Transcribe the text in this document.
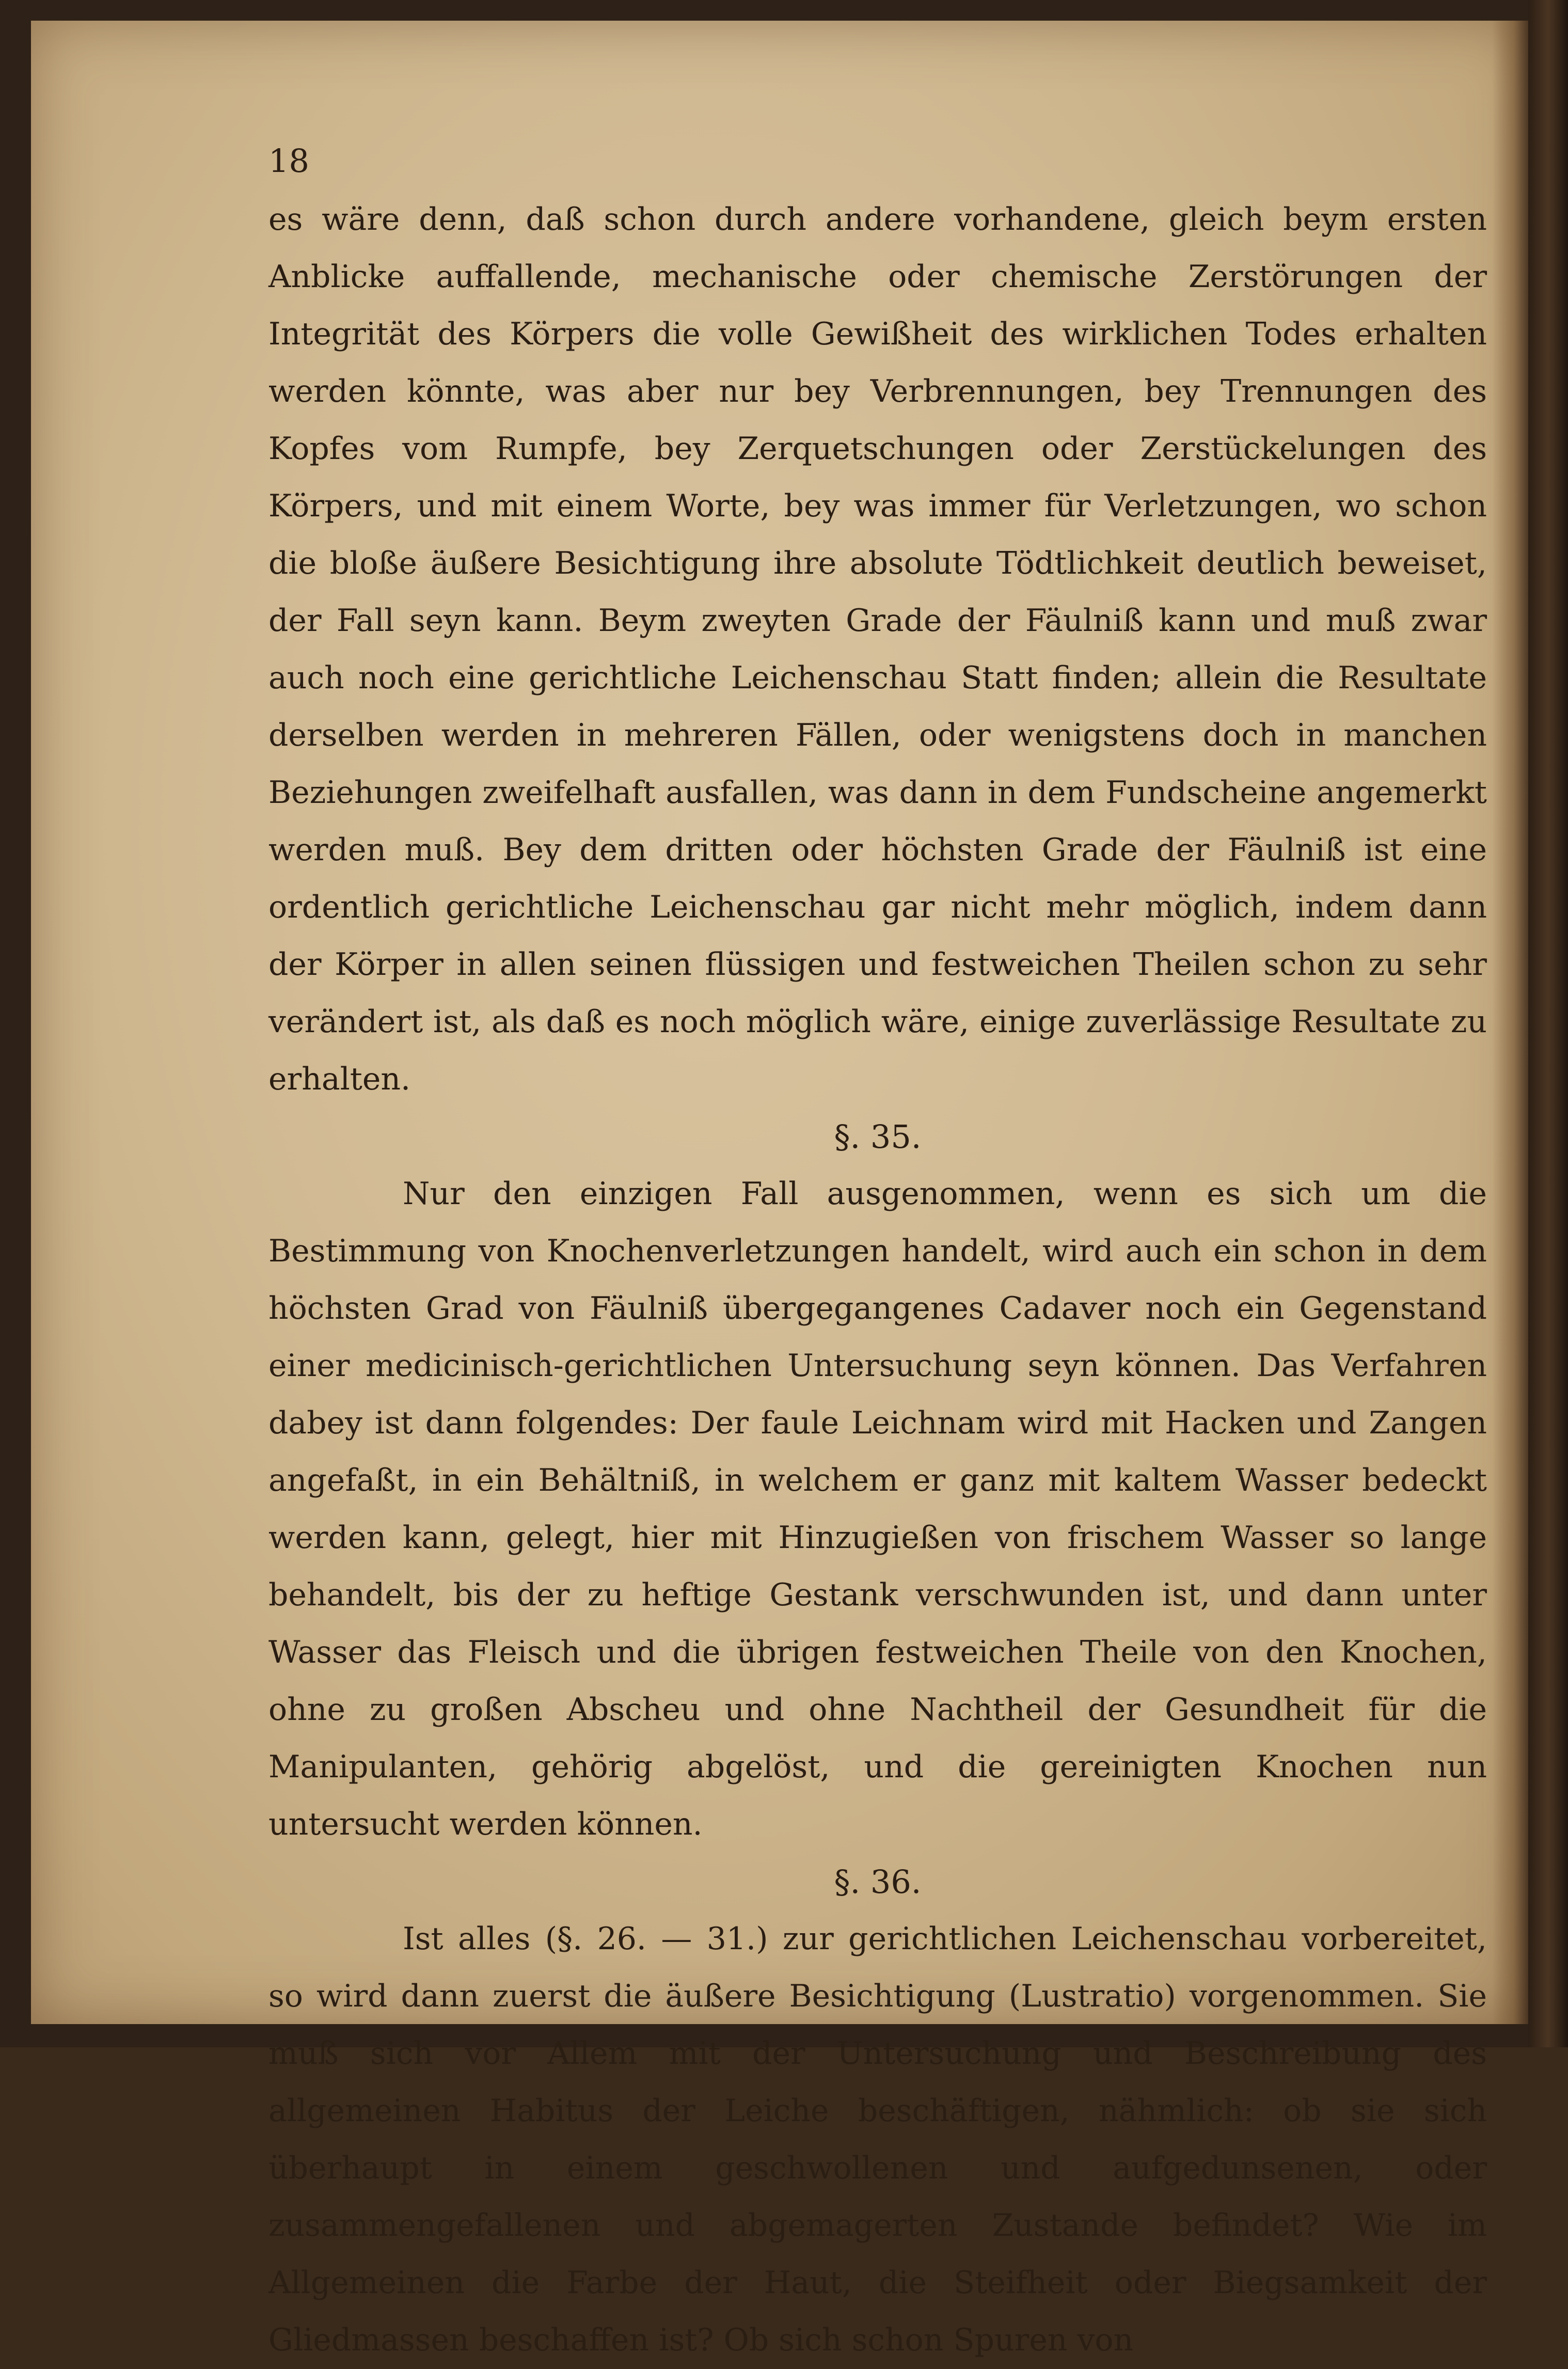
18

es wäre denn, daß schon durch andere vorhandene, gleich beym ersten Anblicke auffallende, mechanische oder chemische Zerstörungen der Integrität des Körpers die volle Gewißheit des wirklichen Todes erhalten werden könnte, was aber nur bey Verbrennungen, bey Trennungen des Kopfes vom Rumpfe, bey Zerquetschungen oder Zerstückelungen des Körpers, und mit einem Worte, bey was immer für Verletzungen, wo schon die bloße äußere Besichtigung ihre absolute Tödtlichkeit deutlich beweiset, der Fall seyn kann. Beym zweyten Grade der Fäulniß kann und muß zwar auch noch eine gerichtliche Leichenschau Statt finden; allein die Resultate derselben werden in mehreren Fällen, oder wenigstens doch in manchen Beziehungen zweifelhaft ausfallen, was dann in dem Fundscheine angemerkt werden muß. Bey dem dritten oder höchsten Grade der Fäulniß ist eine ordentlich gerichtliche Leichenschau gar nicht mehr möglich, indem dann der Körper in allen seinen flüssigen und festweichen Theilen schon zu sehr verändert ist, als daß es noch möglich wäre, einige zuverlässige Resultate zu erhalten.

§. 35.

Nur den einzigen Fall ausgenommen, wenn es sich um die Bestimmung von Knochenverletzungen handelt, wird auch ein schon in dem höchsten Grad von Fäulniß übergegangenes Cadaver noch ein Gegenstand einer medicinisch-gerichtlichen Untersuchung seyn können. Das Verfahren dabey ist dann folgendes: Der faule Leichnam wird mit Hacken und Zangen angefaßt, in ein Behältniß, in welchem er ganz mit kaltem Wasser bedeckt werden kann, gelegt, hier mit Hinzugießen von frischem Wasser so lange behandelt, bis der zu heftige Gestank verschwunden ist, und dann unter Wasser das Fleisch und die übrigen festweichen Theile von den Knochen, ohne zu großen Abscheu und ohne Nachtheil der Gesundheit für die Manipulanten, gehörig abgelöst, und die gereinigten Knochen nun untersucht werden können.

§. 36.

Ist alles (§. 26. — 31.) zur gerichtlichen Leichenschau vorbereitet, so wird dann zuerst die äußere Besichtigung (Lustratio) vorgenommen. Sie muß sich vor Allem mit der Untersuchung und Beschreibung des allgemeinen Habitus der Leiche beschäftigen, nähmlich: ob sie sich überhaupt in einem geschwollenen und aufgedunsenen, oder zusammengefallenen und abgemagerten Zustande befindet? Wie im Allgemeinen die Farbe der Haut, die Steifheit oder Biegsamkeit der Gliedmassen beschaffen ist? Ob sich schon Spuren von
